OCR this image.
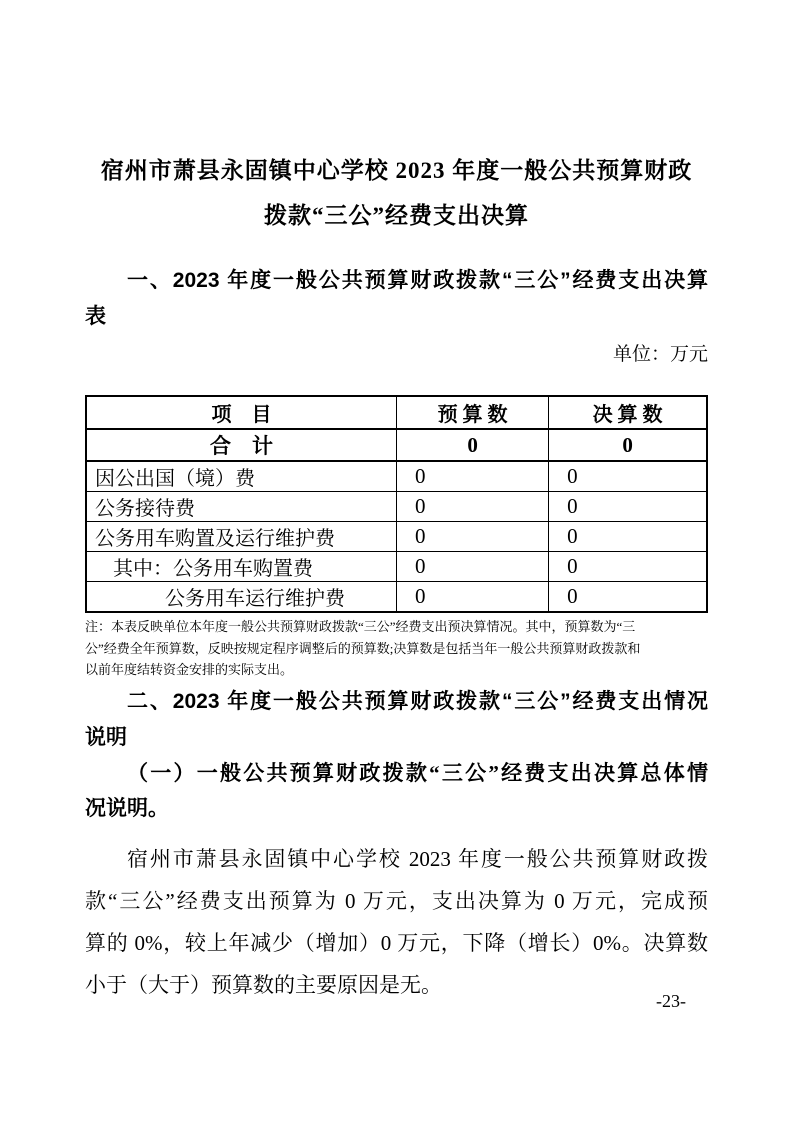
宿州市萧县永固镇中心学校 2023 年度一般公共预算财政
拨款“三公”经费支出决算
一、2023 年度一般公共预算财政拨款“三公”经费支出决算
表
单位：万元
项　目	预 算 数	决 算 数
合　计	0	0
因公出国（境）费	0	0
公务接待费	0	0
公务用车购置及运行维护费	0	0
其中：公务用车购置费	0	0
公务用车运行维护费	0	0
注：本表反映单位本年度一般公共预算财政拨款“三公”经费支出预决算情况。其中，预算数为“三
公”经费全年预算数，反映按规定程序调整后的预算数;决算数是包括当年一般公共预算财政拨款和
以前年度结转资金安排的实际支出。
二、2023 年度一般公共预算财政拨款“三公”经费支出情况
说明
（一）一般公共预算财政拨款“三公”经费支出决算总体情
况说明。
宿州市萧县永固镇中心学校 2023 年度一般公共预算财政拨
款“三公”经费支出预算为 0 万元，支出决算为 0 万元，完成预
算的 0%，较上年减少（增加）0 万元，下降（增长）0%。决算数
小于（大于）预算数的主要原因是无。
-23-
